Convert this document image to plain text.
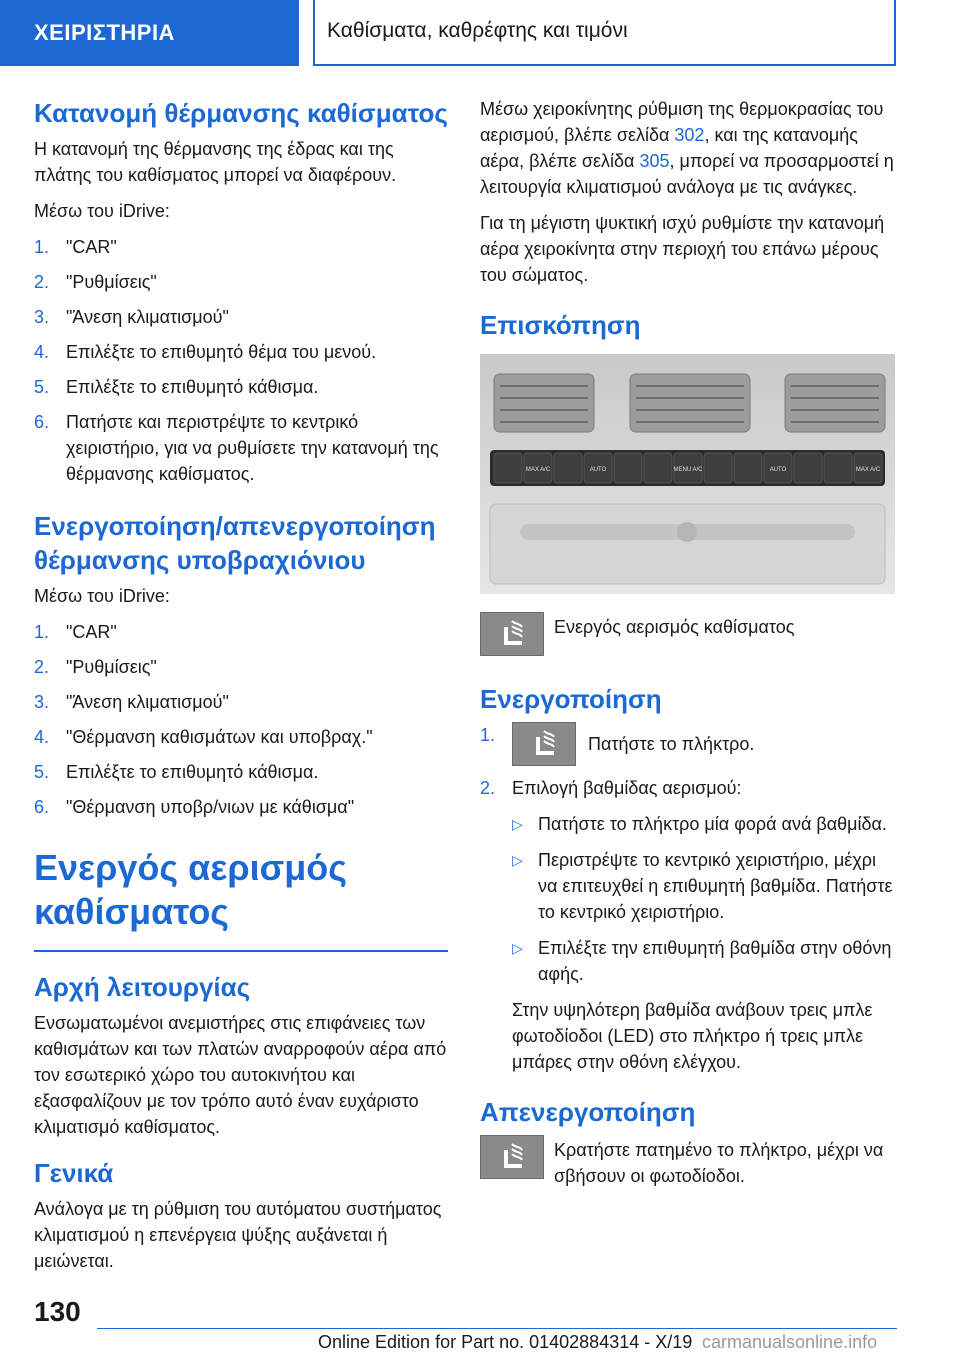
ΧΕΙΡΙΣΤΗΡΙΑ	Καθίσματα, καθρέφτης και τιμόνι
Κατανομή θέρμανσης καθίσματος

Η κατανομή της θέρμανσης της έδρας και της πλάτης του καθίσματος μπορεί να διαφέρουν.

Μέσω του iDrive:

1. "CAR"
2. "Ρυθμίσεις"
3. "Άνεση κλιματισμού"
4. Επιλέξτε το επιθυμητό θέμα του μενού.
5. Επιλέξτε το επιθυμητό κάθισμα.
6. Πατήστε και περιστρέψτε το κεντρικό χειριστήριο, για να ρυθμίσετε την κατανομή της θέρμανσης καθίσματος.
Ενεργοποίηση/απενεργοποίηση θέρμανσης υποβραχιόνιου

Μέσω του iDrive:

1. "CAR"
2. "Ρυθμίσεις"
3. "Άνεση κλιματισμού"
4. "Θέρμανση καθισμάτων και υποβραχ."
5. Επιλέξτε το επιθυμητό κάθισμα.
6. "Θέρμανση υποβρ/νιων με κάθισμα"
Ενεργός αερισμός καθίσματος
Αρχή λειτουργίας

Ενσωματωμένοι ανεμιστήρες στις επιφάνειες των καθισμάτων και των πλατών αναρροφούν αέρα από τον εσωτερικό χώρο του αυτοκινήτου και εξασφαλίζουν με τον τρόπο αυτό έναν ευχάριστο κλιματισμό καθίσματος.

Γενικά

Ανάλογα με τη ρύθμιση του αυτόματου συστήματος κλιματισμού η επενέργεια ψύξης αυξάνεται ή μειώνεται.

Μέσω χειροκίνητης ρύθμιση της θερμοκρασίας του αερισμού, βλέπε σελίδα 302, και της κατανομής αέρα, βλέπε σελίδα 305, μπορεί να προσαρμοστεί η λειτουργία κλιματισμού ανάλογα με τις ανάγκες.

Για τη μέγιστη ψυκτική ισχύ ρυθμίστε την κατανομή αέρα χειροκίνητα στην περιοχή του επάνω μέρους του σώματος.

Επισκόπηση
MAX A/C	AUTO	MENU A/C	AUTO	MAX A/C

Ενεργός αερισμός καθίσματος

Ενεργοποίηση
1.	Πατήστε το πλήκτρο.
2. Επιλογή βαθμίδας αερισμού:
▷ Πατήστε το πλήκτρο μία φορά ανά βαθμίδα.
▷ Περιστρέψτε το κεντρικό χειριστήριο, μέχρι να επιτευχθεί η επιθυμητή βαθμίδα. Πατήστε το κεντρικό χειριστήριο.
▷ Επιλέξτε την επιθυμητή βαθμίδα στην οθόνη αφής.

Στην υψηλότερη βαθμίδα ανάβουν τρεις μπλε φωτοδίοδοι (LED) στο πλήκτρο ή τρεις μπλε μπάρες στην οθόνη ελέγχου.

Απενεργοποίηση

Κρατήστε πατημένο το πλήκτρο, μέχρι να σβήσουν οι φωτοδίοδοι.

130
Online Edition for Part no. 01402884314 - X/19 carmanualsonline.info
